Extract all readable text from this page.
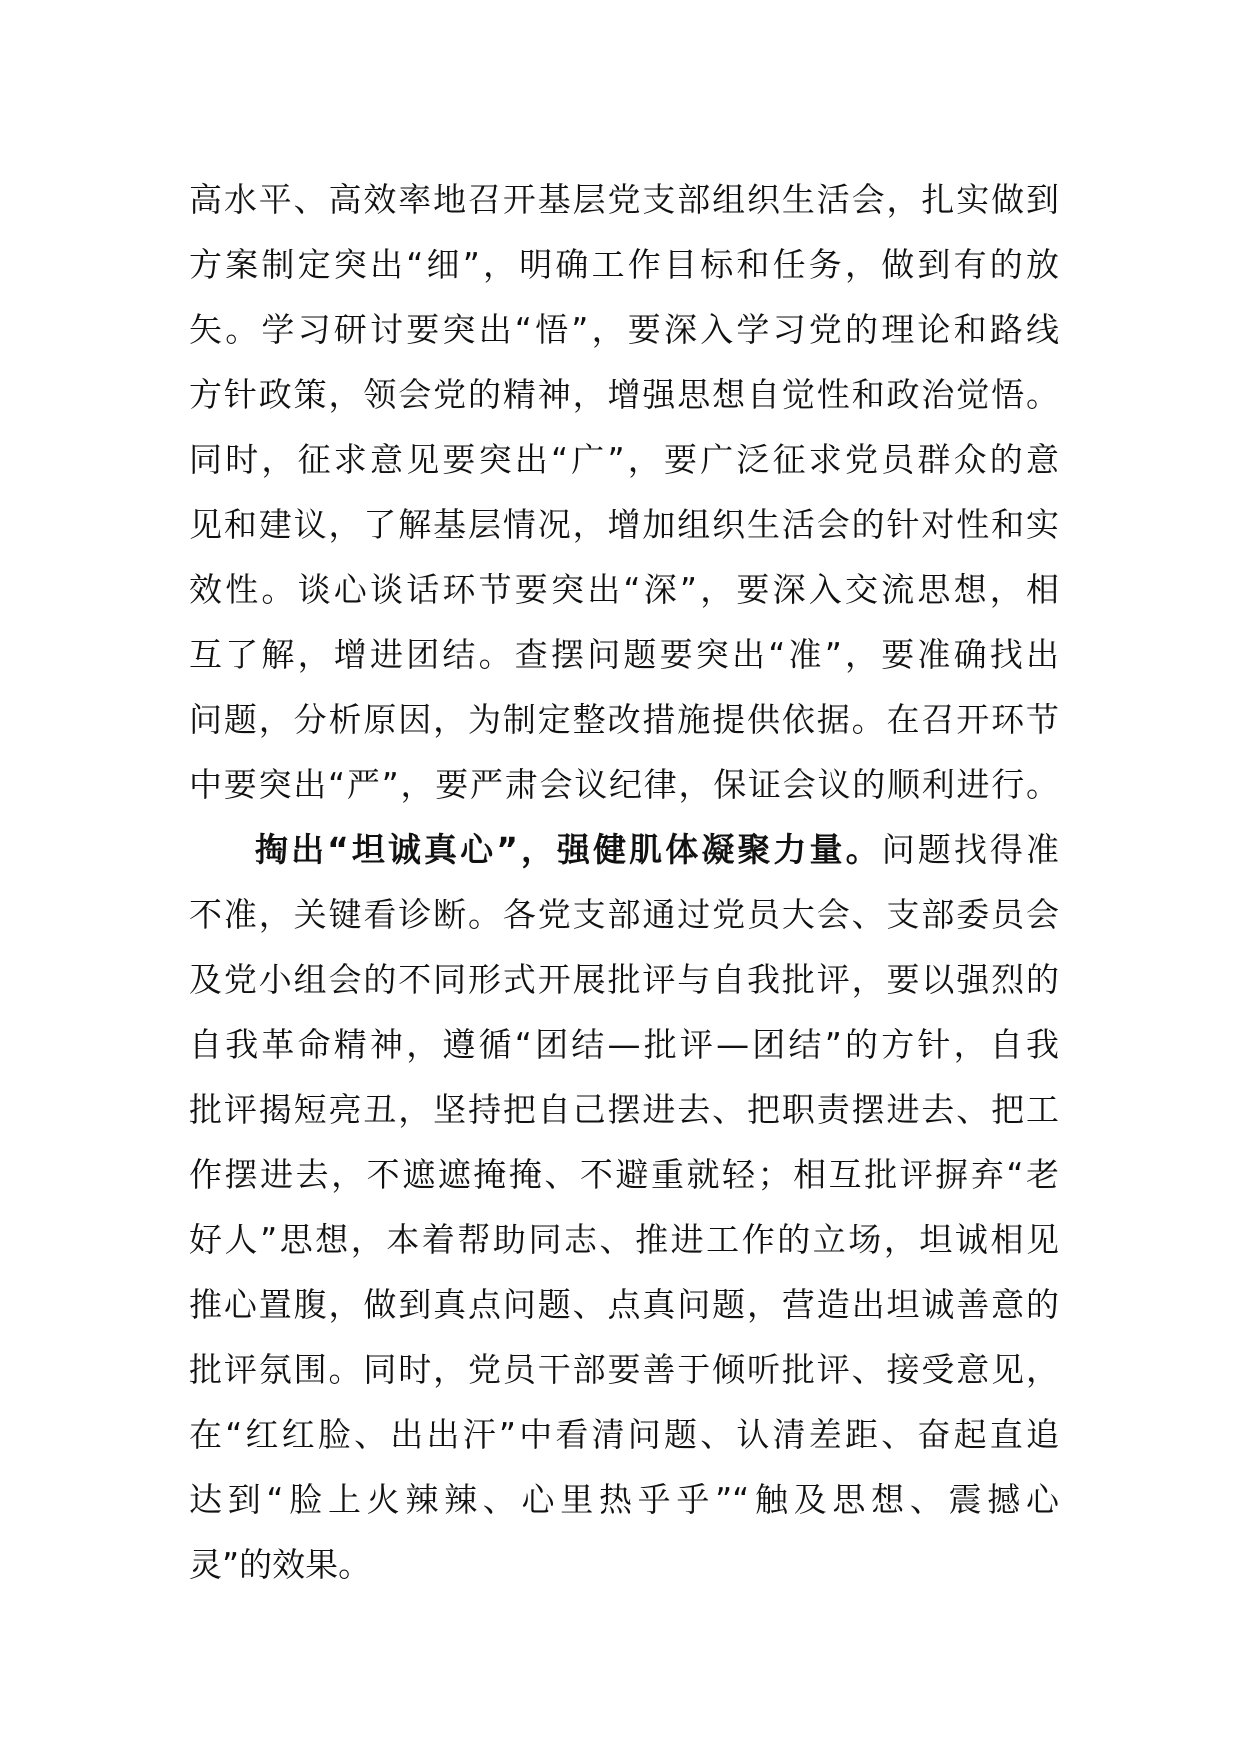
高水平、高效率地召开基层党支部组织生活会，扎实做到
方案制定突出“细”，明确工作目标和任务，做到有的放
矢。学习研讨要突出“悟”，要深入学习党的理论和路线
方针政策，领会党的精神，增强思想自觉性和政治觉悟。
同时，征求意见要突出“广”，要广泛征求党员群众的意
见和建议，了解基层情况，增加组织生活会的针对性和实
效性。谈心谈话环节要突出“深”，要深入交流思想，相
互了解，增进团结。查摆问题要突出“准”，要准确找出
问题，分析原因，为制定整改措施提供依据。在召开环节
中要突出“严”，要严肃会议纪律，保证会议的顺利进行。
掏出“坦诚真心”，强健肌体凝聚力量。问题找得准
不准，关键看诊断。各党支部通过党员大会、支部委员会
及党小组会的不同形式开展批评与自我批评，要以强烈的
自我革命精神，遵循“团结—批评—团结”的方针，自我
批评揭短亮丑，坚持把自己摆进去、把职责摆进去、把工
作摆进去，不遮遮掩掩、不避重就轻；相互批评摒弃“老
好人”思想，本着帮助同志、推进工作的立场，坦诚相见
推心置腹，做到真点问题、点真问题，营造出坦诚善意的
批评氛围。同时，党员干部要善于倾听批评、接受意见，
在“红红脸、出出汗”中看清问题、认清差距、奋起直追
达到“脸上火辣辣、心里热乎乎”“触及思想、震撼心
灵”的效果。
